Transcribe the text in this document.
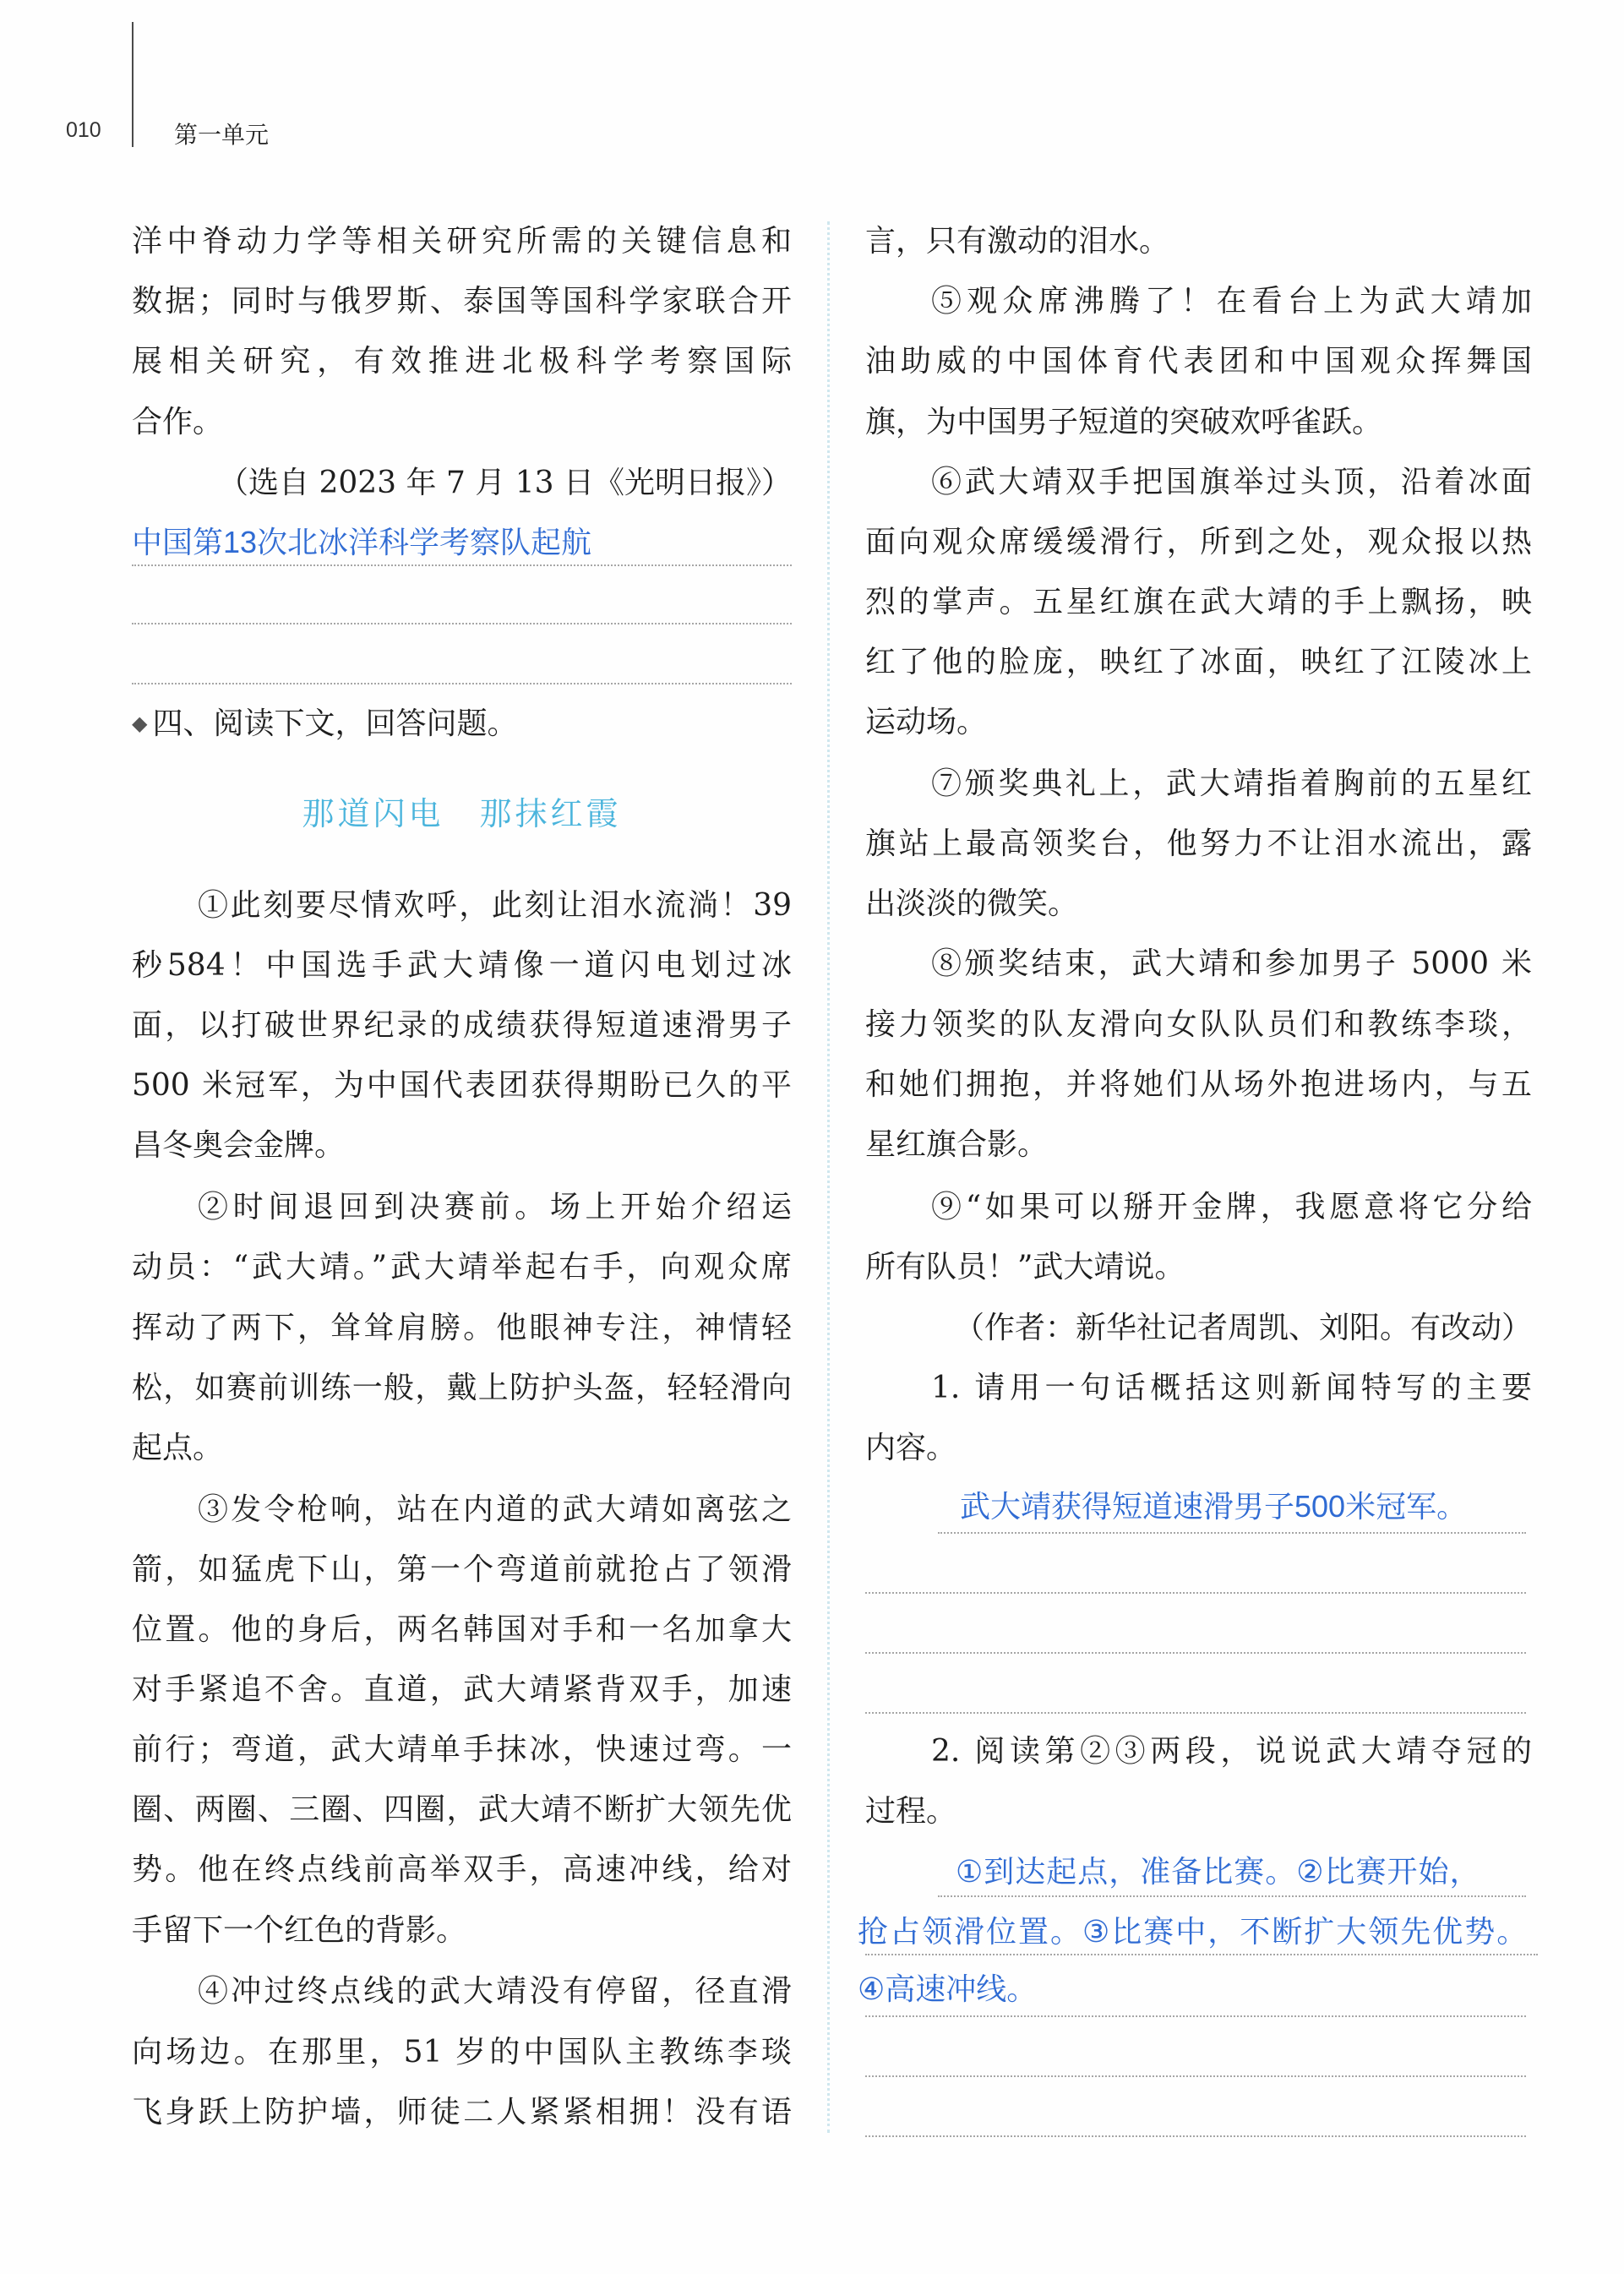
010	第一单元
洋中脊动力学等相关研究所需的关键信息和
数据；同时与俄罗斯、泰国等国科学家联合开
展相关研究，有效推进北极科学考察国际
合作。
（选自 2023 年 7 月 13 日《光明日报》）
中国第13次北冰洋科学考察队起航
◆ 四、阅读下文，回答问题。
那道闪电　那抹红霞
①此刻要尽情欢呼，此刻让泪水流淌！39
秒584！中国选手武大靖像一道闪电划过冰
面，以打破世界纪录的成绩获得短道速滑男子
500 米冠军，为中国代表团获得期盼已久的平
昌冬奥会金牌。
②时间退回到决赛前。场上开始介绍运
动员：“武大靖。”武大靖举起右手，向观众席
挥动了两下，耸耸肩膀。他眼神专注，神情轻
松，如赛前训练一般，戴上防护头盔，轻轻滑向
起点。
③发令枪响，站在内道的武大靖如离弦之
箭，如猛虎下山，第一个弯道前就抢占了领滑
位置。他的身后，两名韩国对手和一名加拿大
对手紧追不舍。直道，武大靖紧背双手，加速
前行；弯道，武大靖单手抹冰，快速过弯。一
圈、两圈、三圈、四圈，武大靖不断扩大领先优
势。他在终点线前高举双手，高速冲线，给对
手留下一个红色的背影。
④冲过终点线的武大靖没有停留，径直滑
向场边。在那里，51 岁的中国队主教练李琰
飞身跃上防护墙，师徒二人紧紧相拥！没有语
言，只有激动的泪水。
⑤观众席沸腾了！在看台上为武大靖加
油助威的中国体育代表团和中国观众挥舞国
旗，为中国男子短道的突破欢呼雀跃。
⑥武大靖双手把国旗举过头顶，沿着冰面
面向观众席缓缓滑行，所到之处，观众报以热
烈的掌声。五星红旗在武大靖的手上飘扬，映
红了他的脸庞，映红了冰面，映红了江陵冰上
运动场。
⑦颁奖典礼上，武大靖指着胸前的五星红
旗站上最高领奖台，他努力不让泪水流出，露
出淡淡的微笑。
⑧颁奖结束，武大靖和参加男子 5000 米
接力领奖的队友滑向女队队员们和教练李琰，
和她们拥抱，并将她们从场外抱进场内，与五
星红旗合影。
⑨“如果可以掰开金牌，我愿意将它分给
所有队员！”武大靖说。
（作者：新华社记者周凯、刘阳。有改动）
1. 请用一句话概括这则新闻特写的主要
内容。
武大靖获得短道速滑男子500米冠军。
2. 阅读第②③两段，说说武大靖夺冠的
过程。
①到达起点，准备比赛。②比赛开始，
抢占领滑位置。③比赛中，不断扩大领先优势。
④高速冲线。
